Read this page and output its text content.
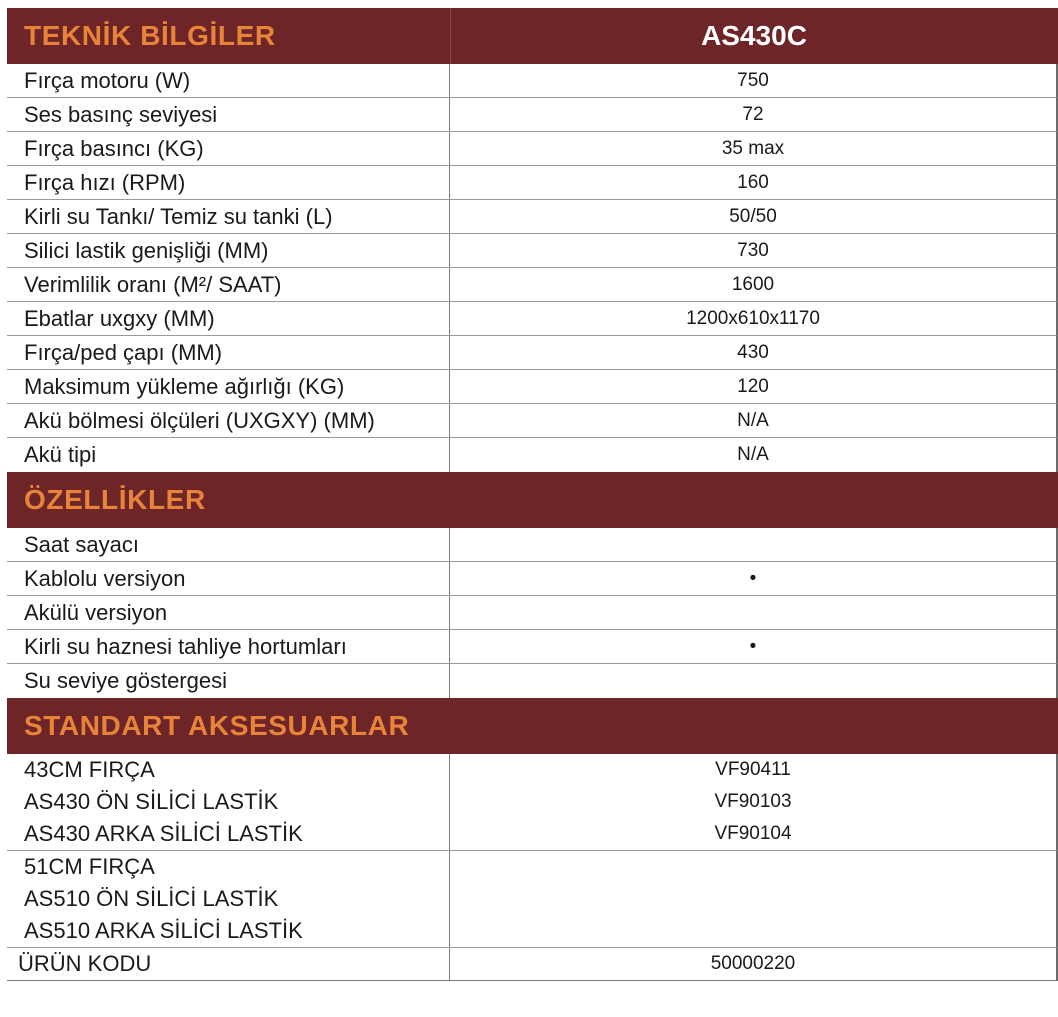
TEKNİK BİLGİLER	AS430C
Fırça motoru (W)	750
Ses basınç seviyesi	72
Fırça basıncı (KG)	35 max
Fırça hızı (RPM)	160
Kirli su Tankı/ Temiz su tanki (L)	50/50
Silici lastik genişliği (MM)	730
Verimlilik oranı (M²/ SAAT)	1600
Ebatlar uxgxy (MM)	1200x610x1170
Fırça/ped çapı (MM)	430
Maksimum yükleme ağırlığı (KG)	120
Akü bölmesi ölçüleri (UXGXY) (MM)	N/A
Akü tipi	N/A
ÖZELLİKLER
Saat sayacı
Kablolu versiyon	•
Akülü versiyon
Kirli su haznesi tahliye hortumları	•
Su seviye göstergesi
STANDART AKSESUARLAR
43CM FIRÇA	VF90411
AS430 ÖN SİLİCİ LASTİK	VF90103
AS430 ARKA SİLİCİ LASTİK	VF90104
51CM FIRÇA
AS510 ÖN SİLİCİ LASTİK
AS510 ARKA SİLİCİ LASTİK
ÜRÜN KODU	50000220
